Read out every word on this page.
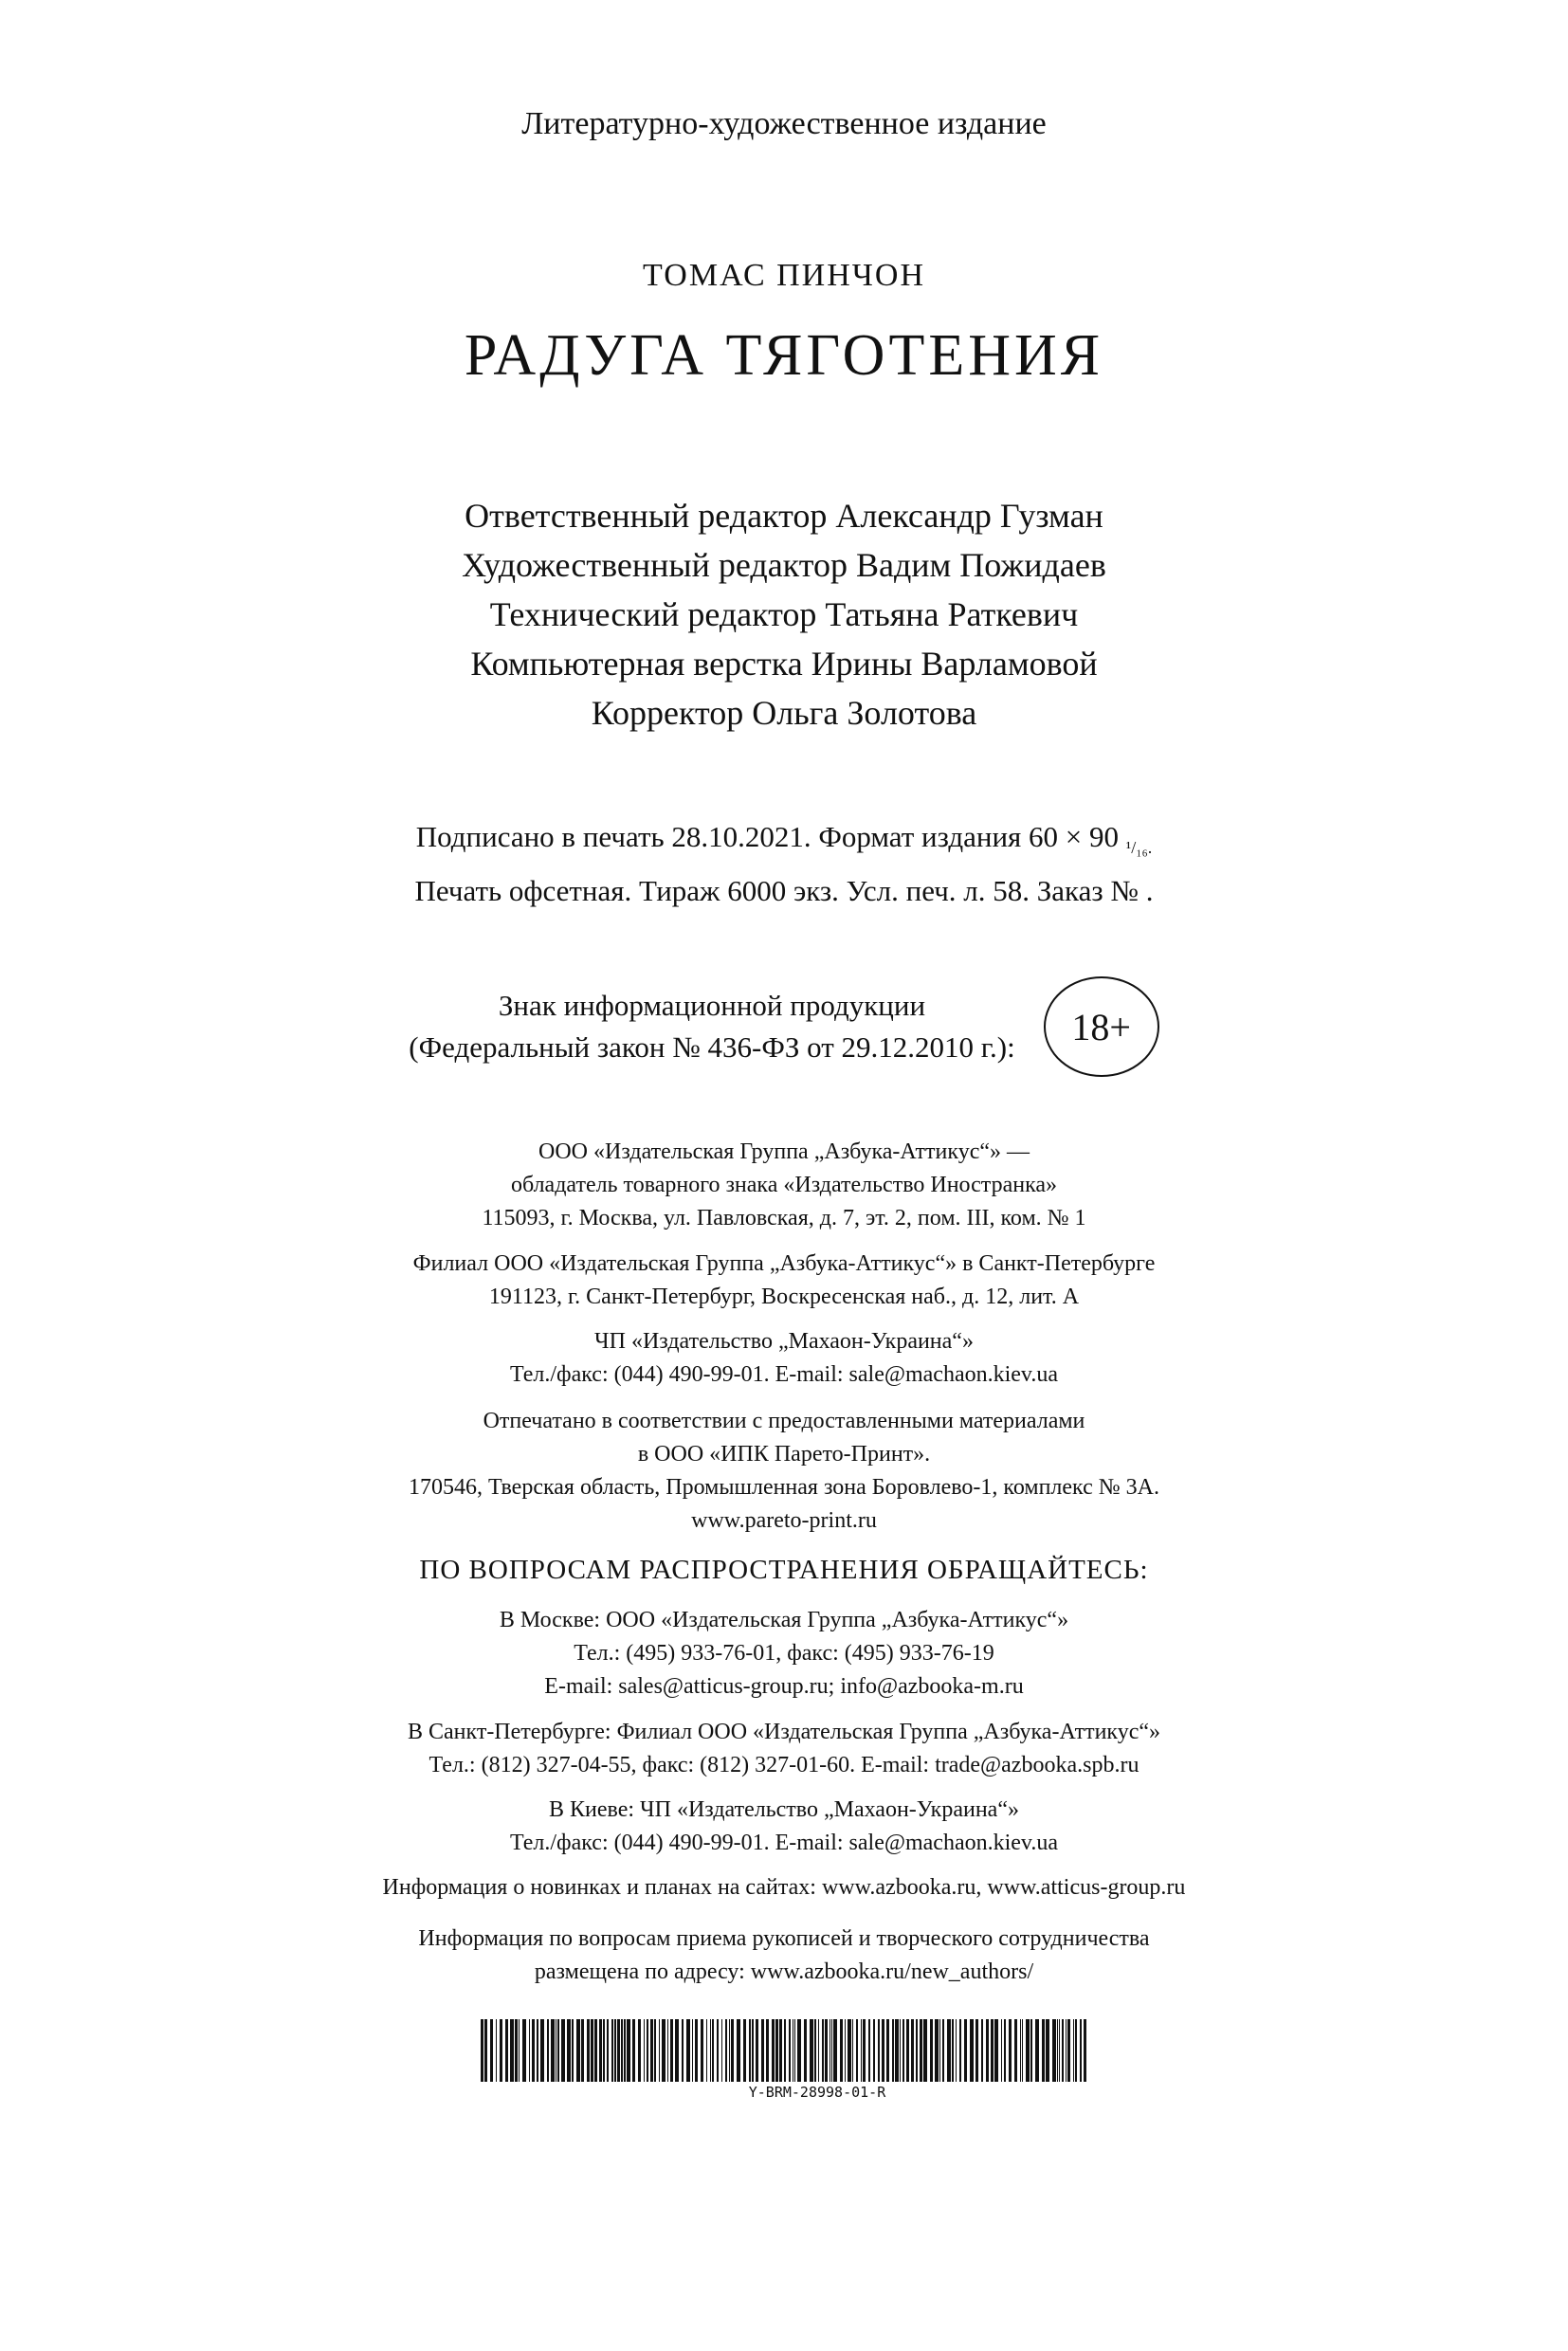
Литературно-художественное издание
ТОМАС ПИНЧОН
РАДУГА ТЯГОТЕНИЯ
Ответственный редактор Александр Гузман
Художественный редактор Вадим Пожидаев
Технический редактор Татьяна Раткевич
Компьютерная верстка Ирины Варламовой
Корректор Ольга Золотова
Подписано в печать 28.10.2021. Формат издания 60 × 90 $_{^1/_{16}.}$
Печать офсетная. Тираж 6000 экз. Усл. печ. л. 58. Заказ № .
Знак информационной продукции
(Федеральный закон № 436-ФЗ от 29.12.2010 г.):	18+
ООО «Издательская Группа „Азбука-Аттикус“» —
обладатель товарного знака «Издательство Иностранка»
115093, г. Москва, ул. Павловская, д. 7, эт. 2, пом. III, ком. № 1
Филиал ООО «Издательская Группа „Азбука-Аттикус“» в Санкт-Петербурге
191123, г. Санкт-Петербург, Воскресенская наб., д. 12, лит. А
ЧП «Издательство „Махаон-Украина“»
Тел./факс: (044) 490-99-01. E-mail: sale@machaon.kiev.ua
Отпечатано в соответствии с предоставленными материалами
в ООО «ИПК Парето-Принт».
170546, Тверская область, Промышленная зона Боровлево-1, комплекс № 3А.
www.pareto-print.ru
ПО ВОПРОСАМ РАСПРОСТРАНЕНИЯ ОБРАЩАЙТЕСЬ:
В Москве: ООО «Издательская Группа „Азбука-Аттикус“»
Тел.: (495) 933-76-01, факс: (495) 933-76-19
E-mail: sales@atticus-group.ru; info@azbooka-m.ru
В Санкт-Петербурге: Филиал ООО «Издательская Группа „Азбука-Аттикус“»
Тел.: (812) 327-04-55, факс: (812) 327-01-60. E-mail: trade@azbooka.spb.ru
В Киеве: ЧП «Издательство „Махаон-Украина“»
Тел./факс: (044) 490-99-01. E-mail: sale@machaon.kiev.ua
Информация о новинках и планах на сайтах: www.azbooka.ru, www.atticus-group.ru
Информация по вопросам приема рукописей и творческого сотрудничества
размещена по адресу: www.azbooka.ru/new_authors/
Y-BRM-28998-01-R
